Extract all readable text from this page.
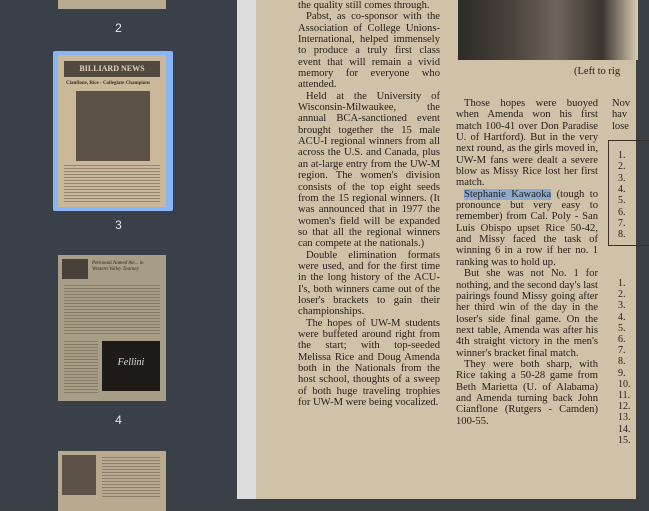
2
BILLIARD NEWS
Cianflone, Rice - Collegiate Champions
3
Petrowski Named the... in Western Valley Tourney
Fellini
4

the quality still comes through.

Pabst, as co-sponsor with the Association of College Unions-International, helped immensely to produce a truly first class event that will remain a vivid memory for everyone who attended.

Held at the University of Wisconsin-Milwaukee, the annual BCA-sanctioned event brought together the 15 male ACU-I regional winners from all across the U.S. and Canada, plus an at-large entry from the UW-M region. The women's division consists of the top eight seeds from the 15 regional winners. (It was announced that in 1977 the women's field will be expanded so that all the regional winners can compete at the nationals.)

Double elimination formats were used, and for the first time in the long history of the ACU-I's, both winners came out of the loser's brackets to gain their championships.

The hopes of UW-M students were buffeted around right from the start; with top-seeded Melissa Rice and Doug Amenda both in the Nationals from the host school, thoughts of a sweep of both huge traveling trophies for UW-M were being vocalized.

(Left to rig

Those hopes were buoyed when Amenda won his first match 100-41 over Don Paradise U. of Hartford). But in the very next round, as the girls moved in, UW-M fans were dealt a severe blow as Missy Rice lost her first match.

Stephanie Kawaoka (tough to pronounce but very easy to remember) from Cal. Poly - San Luis Obispo upset Rice 50-42, and Missy faced the task of winning 6 in a row if her no. 1 ranking was to hold up.

But she was not No. 1 for nothing, and the second day's last pairings found Missy going after her third win of the day in the loser's side final game. On the next table, Amenda was after his 4th straight victory in the men's winner's bracket final match.

They were both sharp, with Rice taking a 50-28 game from Beth Marietta (U. of Alabama) and Amenda turning back John Cianflone (Rutgers - Camden) 100-55.

Nov
hav
lose
1.
2.
3.
4.
5.
6.
7.
8.
1.
2.
3.
4.
5.
6.
7.
8.
9.
10.
11.
12.
13.
14.
15.
